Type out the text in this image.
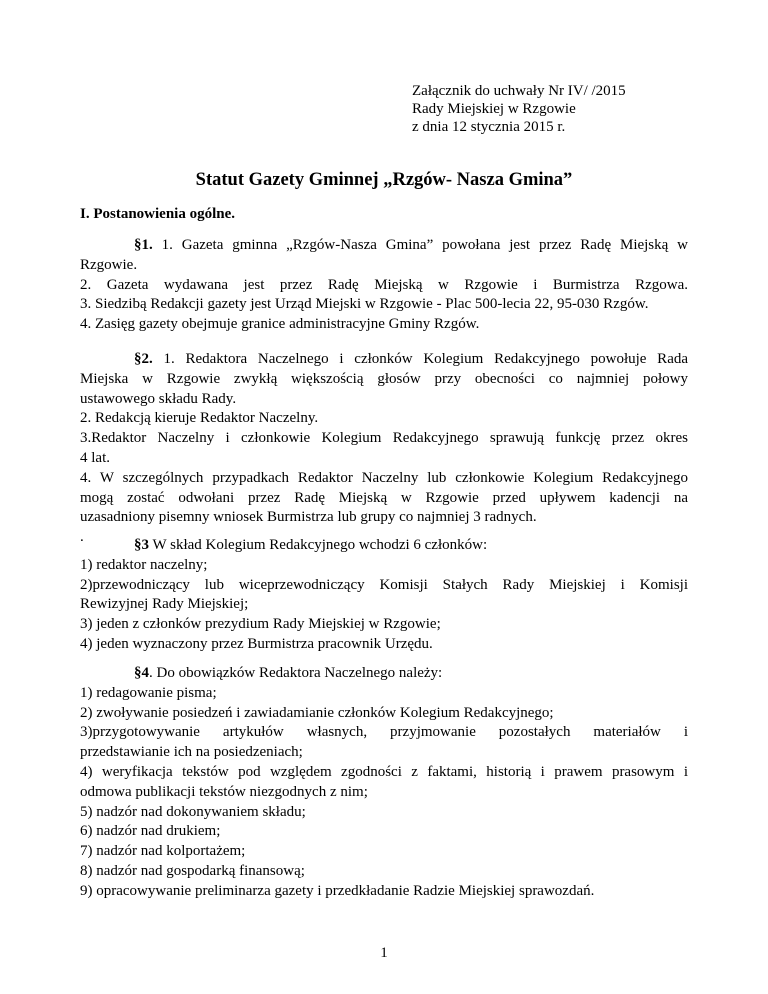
Załącznik do uchwały Nr IV/ /2015
Rady Miejskiej w Rzgowie
z dnia 12 stycznia 2015 r.
Statut Gazety Gminnej „Rzgów- Nasza Gmina”
I. Postanowienia ogólne.

§1. 1. Gazeta gminna „Rzgów-Nasza Gmina” powołana jest przez Radę Miejską w

Rzgowie.

2. Gazeta wydawana jest przez Radę Miejską w Rzgowie i Burmistrza Rzgowa.

3. Siedzibą Redakcji gazety jest Urząd Miejski w Rzgowie - Plac 500-lecia 22, 95-030 Rzgów.

4. Zasięg gazety obejmuje granice administracyjne Gminy Rzgów.

§2. 1. Redaktora Naczelnego i członków Kolegium Redakcyjnego powołuje Rada

Miejska w Rzgowie zwykłą większością głosów przy obecności co najmniej połowy

ustawowego składu Rady.

2. Redakcją kieruje Redaktor Naczelny.

3.Redaktor Naczelny i członkowie Kolegium Redakcyjnego sprawują funkcję przez okres

4 lat.

4. W szczególnych przypadkach Redaktor Naczelny lub członkowie Kolegium Redakcyjnego

mogą zostać odwołani przez Radę Miejską w Rzgowie przed upływem kadencji na

uzasadniony pisemny wniosek Burmistrza lub grupy co najmniej 3 radnych.

.	§3 W skład Kolegium Redakcyjnego wchodzi 6 członków:

1) redaktor naczelny;

2)przewodniczący lub wiceprzewodniczący Komisji Stałych Rady Miejskiej i Komisji

Rewizyjnej Rady Miejskiej;

3) jeden z członków prezydium Rady Miejskiej w Rzgowie;

4) jeden wyznaczony przez Burmistrza pracownik Urzędu.

§4. Do obowiązków Redaktora Naczelnego należy:

1) redagowanie pisma;

2) zwoływanie posiedzeń i zawiadamianie członków Kolegium Redakcyjnego;

3)przygotowywanie artykułów własnych, przyjmowanie pozostałych materiałów i

przedstawianie ich na posiedzeniach;

4) weryfikacja tekstów pod względem zgodności z faktami, historią i prawem prasowym i

odmowa publikacji tekstów niezgodnych z nim;

5) nadzór nad dokonywaniem składu;

6) nadzór nad drukiem;

7) nadzór nad kolportażem;

8) nadzór nad gospodarką finansową;

9) opracowywanie preliminarza gazety i przedkładanie Radzie Miejskiej sprawozdań.

1
